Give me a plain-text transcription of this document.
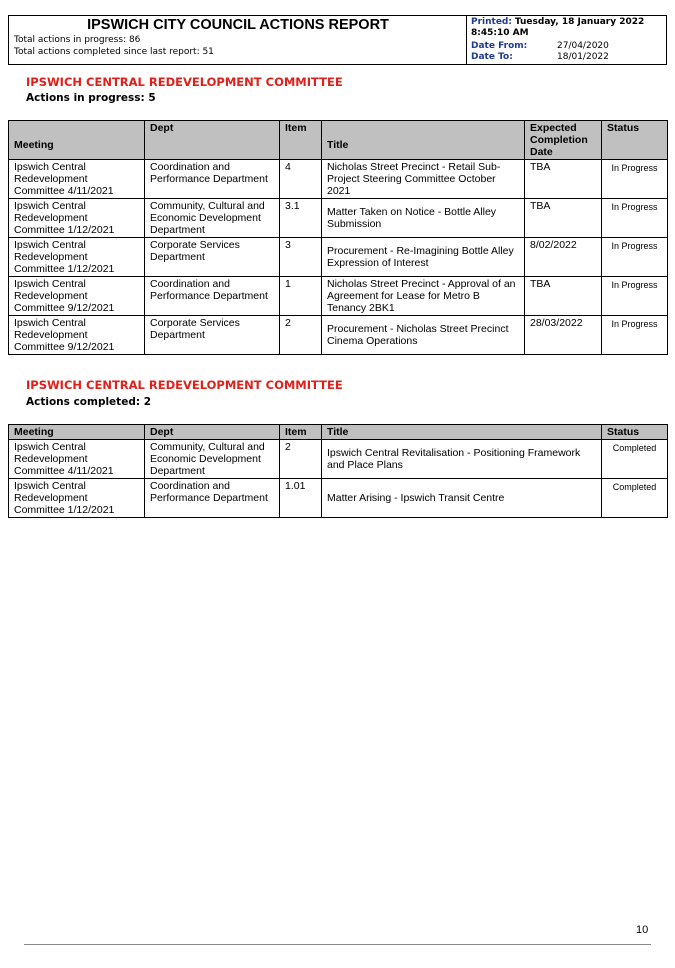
IPSWICH CITY COUNCIL ACTIONS REPORT
Total actions in progress: 86
Total actions completed since last report: 51
Printed: Tuesday, 18 January 2022
8:45:10 AM
Date From:	27/04/2020
Date To:	18/01/2022
IPSWICH CENTRAL REDEVELOPMENT COMMITTEE
Actions in progress: 5
Meeting	Dept	Item	Title	Expected Completion Date	Status
Ipswich Central Redevelopment Committee 4/11/2021	Coordination and Performance Department	4	Nicholas Street Precinct - Retail Sub-Project Steering Committee October 2021	TBA	In Progress
Ipswich Central Redevelopment Committee 1/12/2021	Community, Cultural and Economic Development Department	3.1	Matter Taken on Notice - Bottle Alley Submission	TBA	In Progress
Ipswich Central Redevelopment Committee 1/12/2021	Corporate Services Department	3	Procurement - Re-Imagining Bottle Alley Expression of Interest	8/02/2022	In Progress
Ipswich Central Redevelopment Committee 9/12/2021	Coordination and Performance Department	1	Nicholas Street Precinct - Approval of an Agreement for Lease for Metro B Tenancy 2BK1	TBA	In Progress
Ipswich Central Redevelopment Committee 9/12/2021	Corporate Services Department	2	Procurement - Nicholas Street Precinct Cinema Operations	28/03/2022	In Progress
IPSWICH CENTRAL REDEVELOPMENT COMMITTEE
Actions completed: 2
Meeting	Dept	Item	Title	Status
Ipswich Central Redevelopment Committee 4/11/2021	Community, Cultural and Economic Development Department	2	Ipswich Central Revitalisation - Positioning Framework and Place Plans	Completed
Ipswich Central Redevelopment Committee 1/12/2021	Coordination and Performance Department	1.01	Matter Arising - Ipswich Transit Centre	Completed
10
